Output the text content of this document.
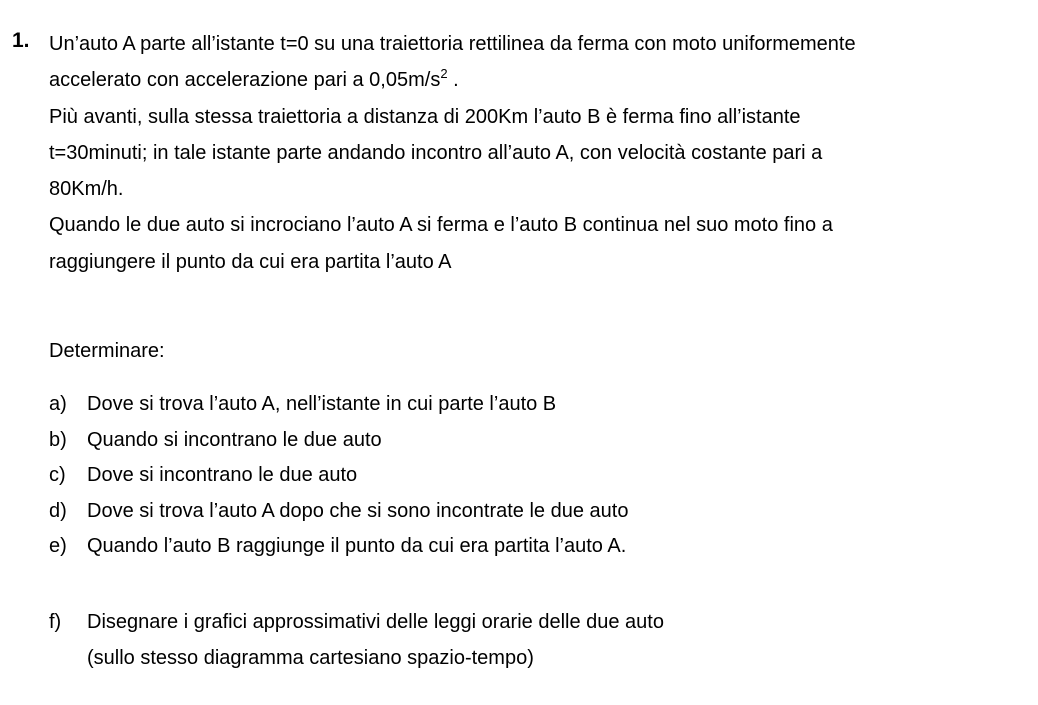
1. Un’auto A parte all’istante t=0 su una traiettoria rettilinea da ferma con moto uniformemente

accelerato con accelerazione pari a $0,05m/s^2$ .

Più avanti, sulla stessa traiettoria a distanza di 200Km l’auto B è ferma fino all’istante

t=30minuti; in tale istante parte andando incontro all’auto A, con velocità costante pari a

80Km/h.

Quando le due auto si incrociano l’auto A si ferma e l’auto B continua nel suo moto fino a

raggiungere il punto da cui era partita l’auto A

Determinare:
a) Dove si trova l’auto A, nell’istante in cui parte l’auto B
b) Quando si incontrano le due auto
c) Dove si incontrano le due auto
d) Dove si trova l’auto A dopo che si sono incontrate le due auto
e) Quando l’auto B raggiunge il punto da cui era partita l’auto A.
f) Disegnare i grafici approssimativi delle leggi orarie delle due auto
(sullo stesso diagramma cartesiano spazio-tempo)
